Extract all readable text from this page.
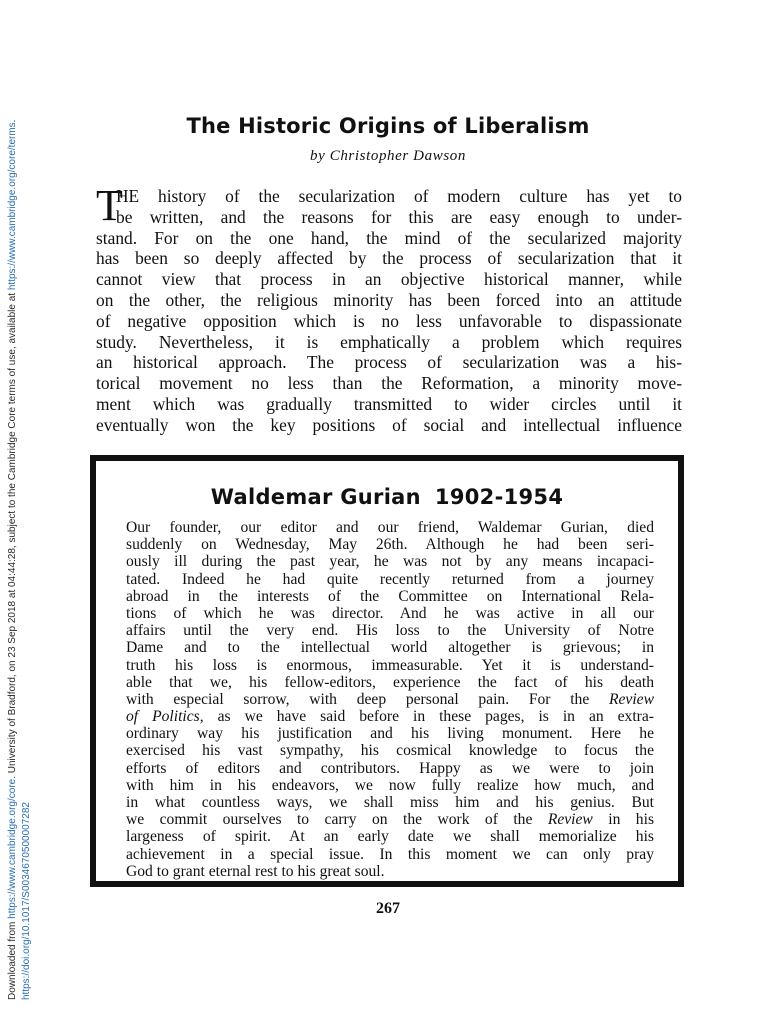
Downloaded from https://www.cambridge.org/core. University of Bradford, on 23 Sep 2018 at 04:44:28, subject to the Cambridge Core terms of use, available at https://www.cambridge.org/core/terms.
https://doi.org/10.1017/S0034670500007282
The Historic Origins of Liberalism
by Christopher Dawson
T
HE history of the secularization of modern culture has yet to
be written, and the reasons for this are easy enough to under-
stand. For on the one hand, the mind of the secularized majority
has been so deeply affected by the process of secularization that it
cannot view that process in an objective historical manner, while
on the other, the religious minority has been forced into an attitude
of negative opposition which is no less unfavorable to dispassionate
study. Nevertheless, it is emphatically a problem which requires
an historical approach. The process of secularization was a his-
torical movement no less than the Reformation, a minority move-
ment which was gradually transmitted to wider circles until it
eventually won the key positions of social and intellectual influence
Waldemar Gurian 1902-1954
Our founder, our editor and our friend, Waldemar Gurian, died
suddenly on Wednesday, May 26th. Although he had been seri-
ously ill during the past year, he was not by any means incapaci-
tated. Indeed he had quite recently returned from a journey
abroad in the interests of the Committee on International Rela-
tions of which he was director. And he was active in all our
affairs until the very end. His loss to the University of Notre
Dame and to the intellectual world altogether is grievous; in
truth his loss is enormous, immeasurable. Yet it is understand-
able that we, his fellow-editors, experience the fact of his death
with especial sorrow, with deep personal pain. For the Review
of Politics, as we have said before in these pages, is in an extra-
ordinary way his justification and his living monument. Here he
exercised his vast sympathy, his cosmical knowledge to focus the
efforts of editors and contributors. Happy as we were to join
with him in his endeavors, we now fully realize how much, and
in what countless ways, we shall miss him and his genius. But
we commit ourselves to carry on the work of the Review in his
largeness of spirit. At an early date we shall memorialize his
achievement in a special issue. In this moment we can only pray
God to grant eternal rest to his great soul.
267
